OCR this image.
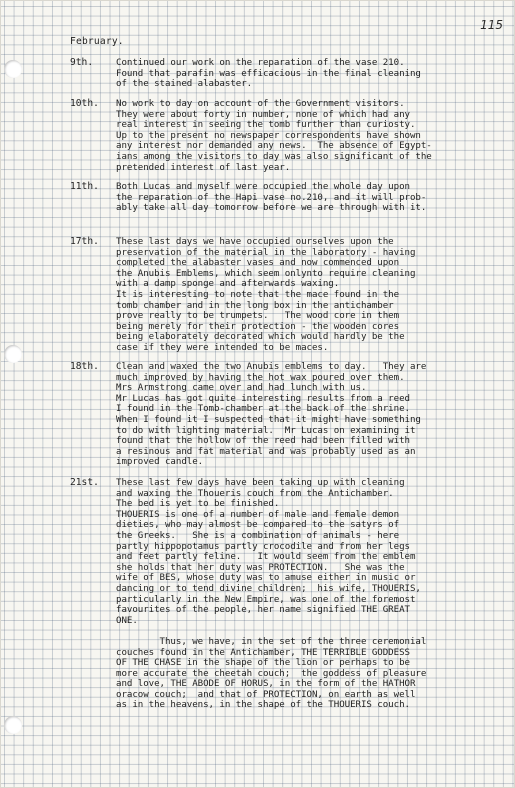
115
February.
9th.	Continued our work on the reparation of the vase 210.
Found that parafin was efficacious in the final cleaning
of the stained alabaster.
10th.	No work to day on account of the Government visitors.
They were about forty in number, none of which had any
real interest in seeing the tomb further than curiosty.
Up to the present no newspaper correspondents have shown
any interest nor demanded any news.  The absence of Egypt-
ians among the visitors to day was also significant of the
pretended interest of last year.
11th.	Both Lucas and myself were occupied the whole day upon
the reparation of the Hapi vase no.210, and it will prob-
ably take all day tomorrow before we are through with it.
17th.	These last days we have occupied ourselves upon the
preservation of the material in the laboratory - having
completed the alabaster vases and now commenced upon
the Anubis Emblems, which seem onlynto require cleaning
with a damp sponge and afterwards waxing.
It is interesting to note that the mace found in the
tomb chamber and in the long box in the antichamber
prove really to be trumpets.   The wood core in them
being merely for their protection - the wooden cores
being elaborately decorated which would hardly be the
case if they were intended to be maces.
18th.	Clean and waxed the two Anubis emblems to day.   They are
much improved by having the hot wax poured over them.
Mrs Armstrong came over and had lunch with us.
Mr Lucas has got quite interesting results from a reed
I found in the Tomb-chamber at the back of the shrine.
When I found it I suspected that it might have something
to do with lighting material.  Mr Lucas on examining it
found that the hollow of the reed had been filled with
a resinous and fat material and was probably used as an
improved candle.
21st.	These last few days have been taking up with cleaning
and waxing the Thoueris couch from the Antichamber.
The bed is yet to be finished.
THOUERIS is one of a number of male and female demon
dieties, who may almost be compared to the satyrs of
the Greeks.   She is a combination of animals - here
partly hippopotamus partly crocodile and from her legs
and feet partly feline.   It would seem from the emblem
she holds that her duty was PROTECTION.   She was the
wife of BES, whose duty was to amuse either in music or
dancing or to tend divine children;  his wife, THOUERIS,
particularly in the New Empire, was one of the foremost
favourites of the people, her name signified THE GREAT
ONE.

Thus, we have, in the set of the three ceremonial
couches found in the Antichamber, THE TERRIBLE GODDESS
OF THE CHASE in the shape of the lion or perhaps to be
more accurate the cheetah couch;  the goddess of pleasure
and love, THE ABODE OF HORUS, in the form of the HATHOR
oracow couch;  and that of PROTECTION, on earth as well
as in the heavens, in the shape of the THOUERIS couch.
